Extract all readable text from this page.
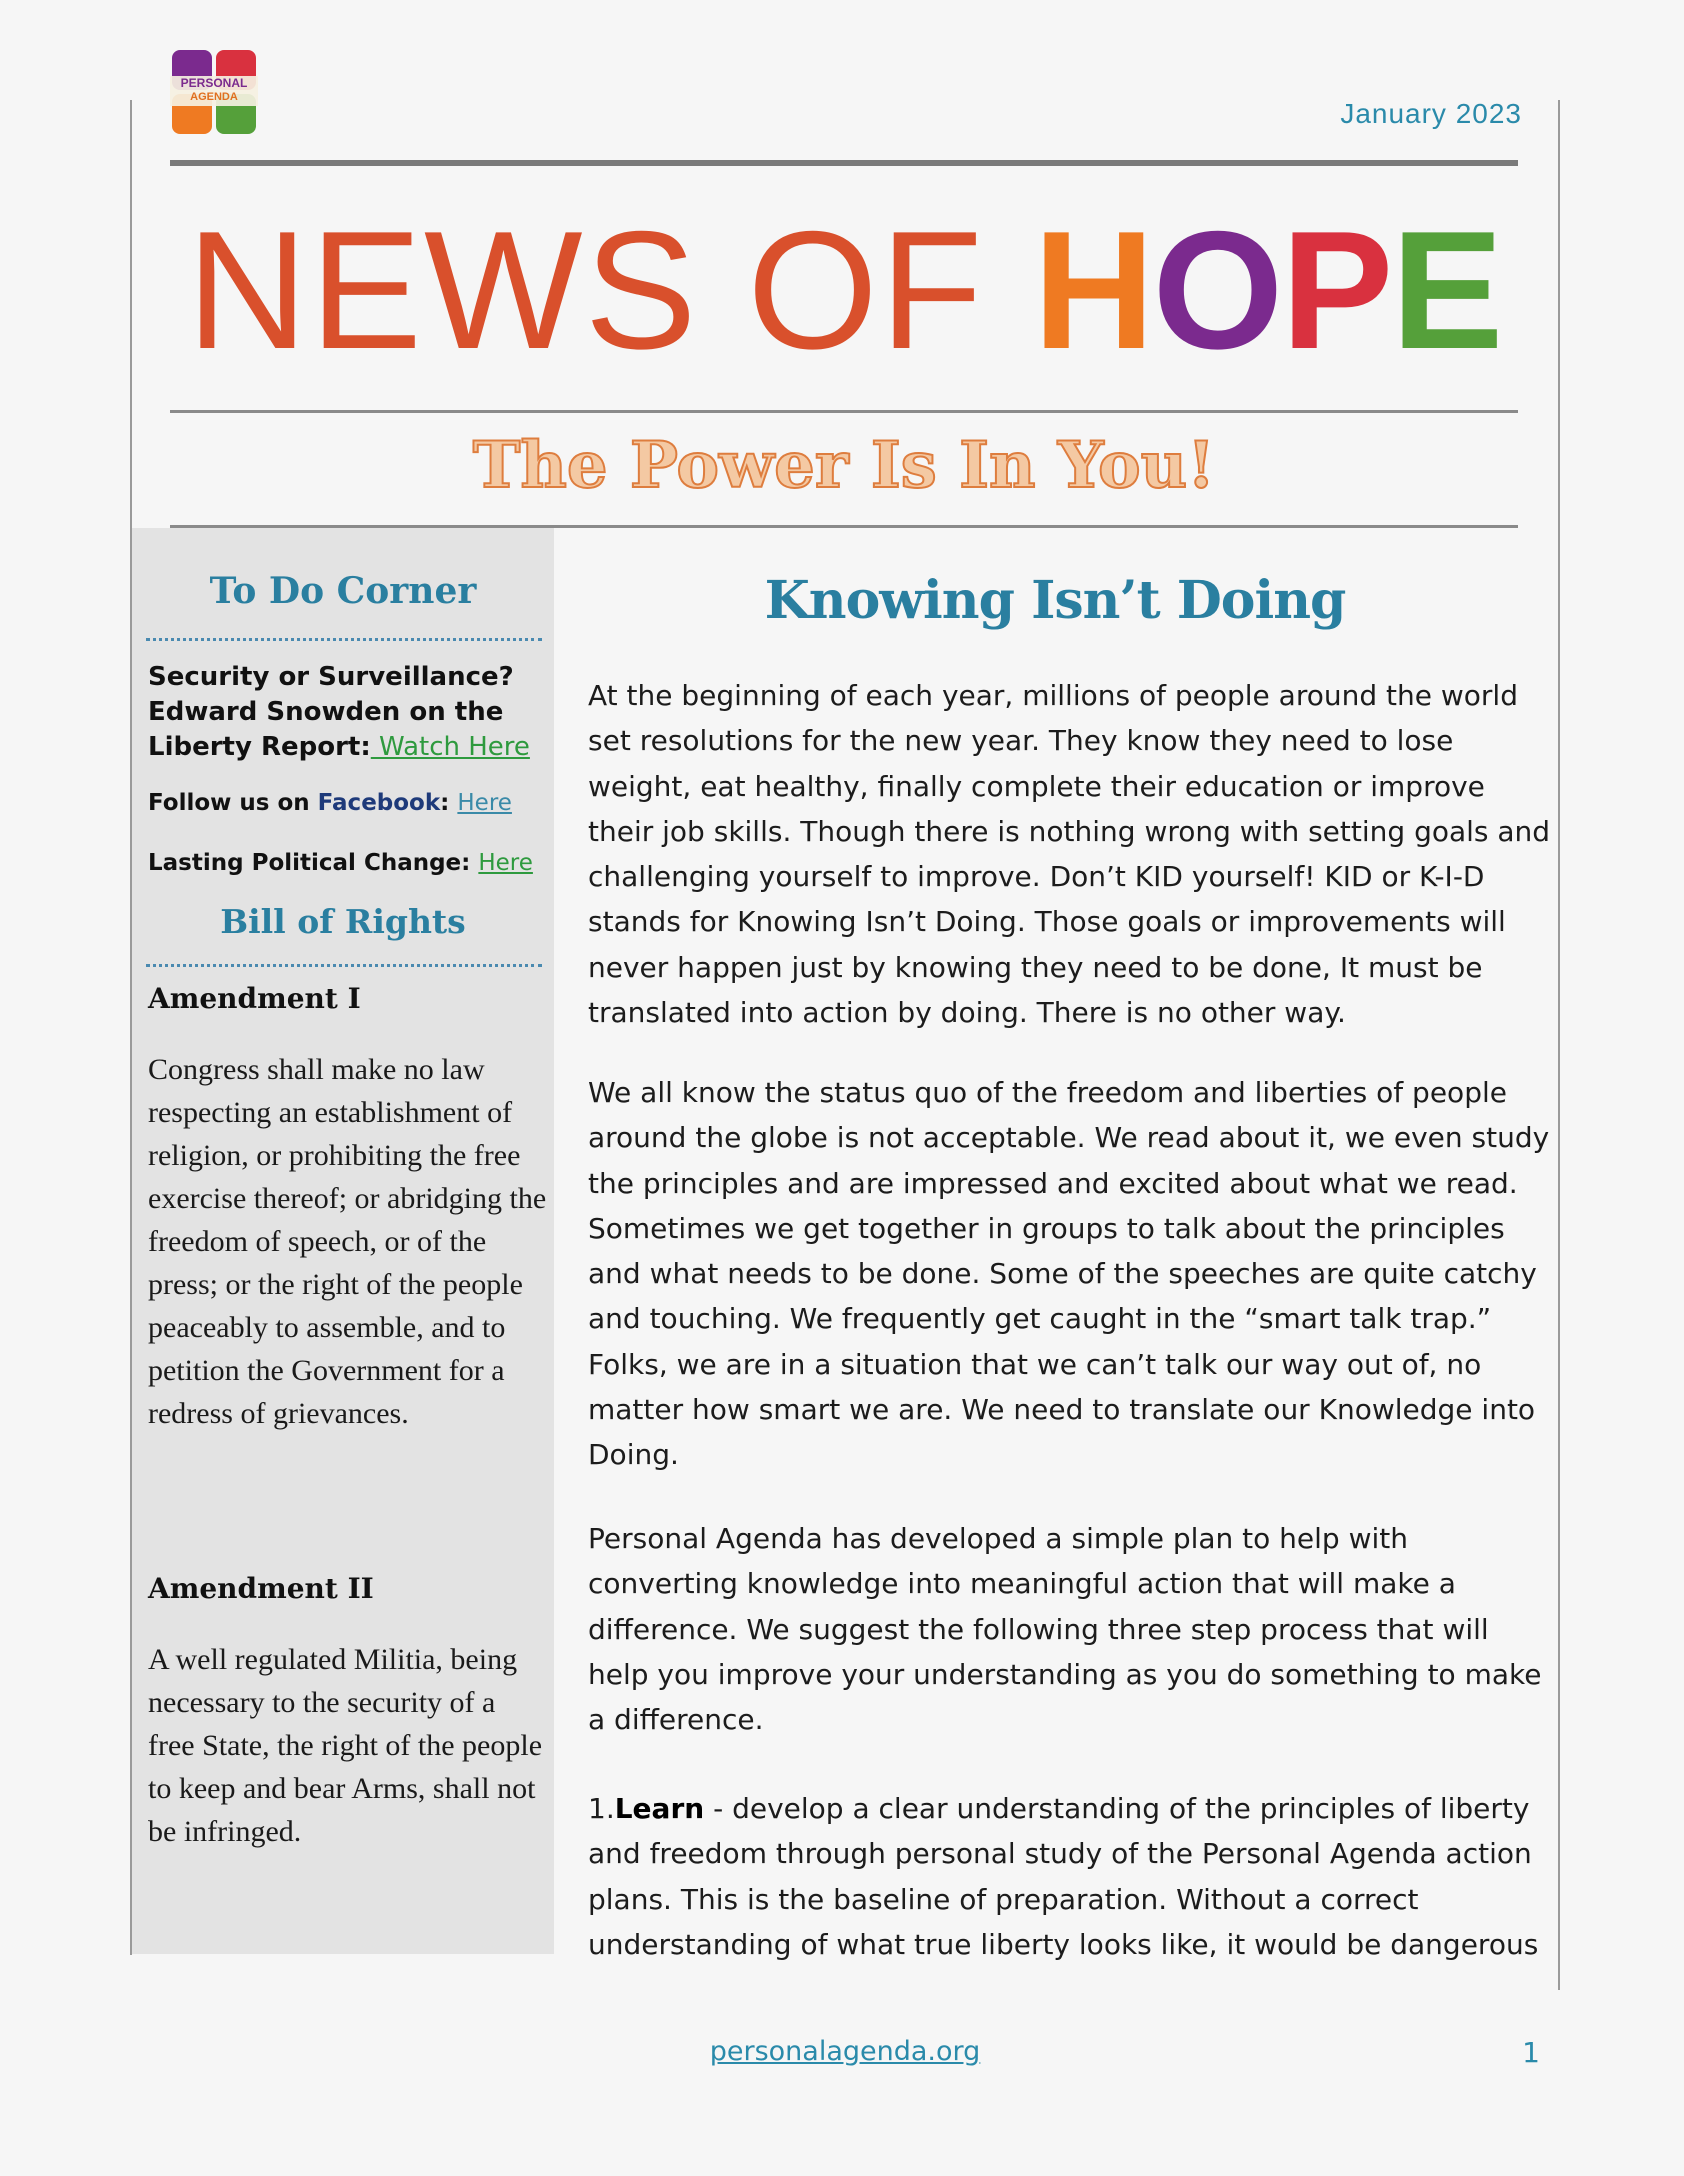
PERSONAL
AGENDA
January 2023
NEWS OF HOPE
The Power Is In You!
To Do Corner
Security or Surveillance? Edward Snowden on the Liberty Report: Watch Here
Follow us on Facebook: Here
Lasting Political Change: Here
Bill of Rights
Amendment I
Congress shall make no law respecting an establishment of religion, or prohibiting the free exercise thereof; or abridging the freedom of speech, or of the press; or the right of the people peaceably to assemble, and to petition the Government for a redress of grievances.
Amendment II
A well regulated Militia, being necessary to the security of a free State, the right of the people to keep and bear Arms, shall not be infringed.
Knowing Isn’t Doing
At the beginning of each year, millions of people around the world set resolutions for the new year. They know they need to lose weight, eat healthy, finally complete their education or improve their job skills. Though there is nothing wrong with setting goals and challenging yourself to improve. Don’t KID yourself! KID or K-I-D stands for Knowing Isn’t Doing. Those goals or improvements will never happen just by knowing they need to be done, It must be translated into action by doing. There is no other way.
We all know the status quo of the freedom and liberties of people around the globe is not acceptable. We read about it, we even study the principles and are impressed and excited about what we read. Sometimes we get together in groups to talk about the principles and what needs to be done. Some of the speeches are quite catchy and touching. We frequently get caught in the “smart talk trap.” Folks, we are in a situation that we can’t talk our way out of, no matter how smart we are. We need to translate our Knowledge into Doing.
Personal Agenda has developed a simple plan to help with converting knowledge into meaningful action that will make a difference. We suggest the following three step process that will help you improve your understanding as you do something to make a difference.
1.Learn - develop a clear understanding of the principles of liberty and freedom through personal study of the Personal Agenda action plans. This is the baseline of preparation. Without a correct understanding of what true liberty looks like, it would be dangerous
personalagenda.org	1
